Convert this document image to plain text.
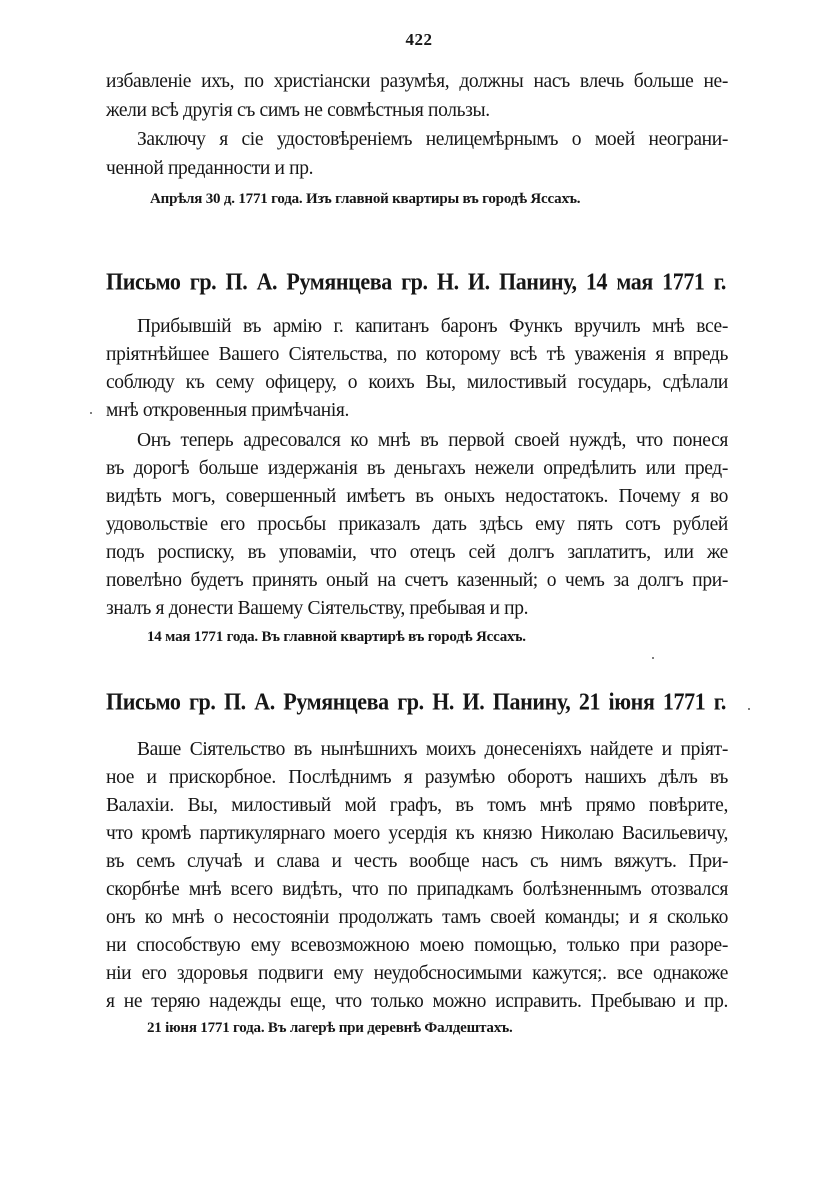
422
избавленіе ихъ, по христіански разумѣя, должны насъ влечь больше не-
жели всѣ другія съ симъ не совмѣстныя пользы.
Заключу я сіе удостовѣреніемъ нелицемѣрнымъ о моей неограни-
ченной преданности и пр.
Апрѣля 30 д. 1771 года. Изъ главной квартиры въ городѣ Яссахъ.
Письмо гр. П. А. Румянцева гр. Н. И. Панину, 14 мая 1771 г.
Прибывшій въ армію г. капитанъ баронъ Функъ вручилъ мнѣ все-
пріятнѣйшее Вашего Сіятельства, по которому всѣ тѣ уваженія я впредь
соблюду къ сему офицеру, о коихъ Вы, милостивый государь, сдѣлали
мнѣ откровенныя примѣчанія.
Онъ теперь адресовался ко мнѣ въ первой своей нуждѣ, что понеся
въ дорогѣ больше издержанія въ деньгахъ нежели опредѣлить или пред-
видѣть могъ, совершенный имѣетъ въ оныхъ недостатокъ. Почему я во
удовольствіе его просьбы приказалъ дать здѣсь ему пять сотъ рублей
подъ росписку, въ уповаміи, что отецъ сей долгъ заплатитъ, или же
повелѣно будетъ принять оный на счетъ казенный; о чемъ за долгъ при-
зналъ я донести Вашему Сіятельству, пребывая и пр.
14 мая 1771 года. Въ главной квартирѣ въ городѣ Яссахъ.
Письмо гр. П. А. Румянцева гр. Н. И. Панину, 21 іюня 1771 г.
Ваше Сіятельство въ нынѣшнихъ моихъ донесеніяхъ найдете и пріят-
ное и прискорбное. Послѣднимъ я разумѣю оборотъ нашихъ дѣлъ въ
Валахіи. Вы, милостивый мой графъ, въ томъ мнѣ прямо повѣрите,
что кромѣ партикулярнаго моего усердія къ князю Николаю Васильевичу,
въ семъ случаѣ и слава и честь вообще насъ съ нимъ вяжутъ. При-
скорбнѣе мнѣ всего видѣть, что по припадкамъ болѣзненнымъ отозвался
онъ ко мнѣ о несостояніи продолжать тамъ своей команды; и я сколько
ни способствую ему всевозможною моею помощью, только при разоре-
ніи его здоровья подвиги ему неудобсносимыми кажутся;. все однакоже
я не теряю надежды еще, что только можно исправить. Пребываю и пр.
21 іюня 1771 года. Въ лагерѣ при деревнѣ Фалдештахъ.
